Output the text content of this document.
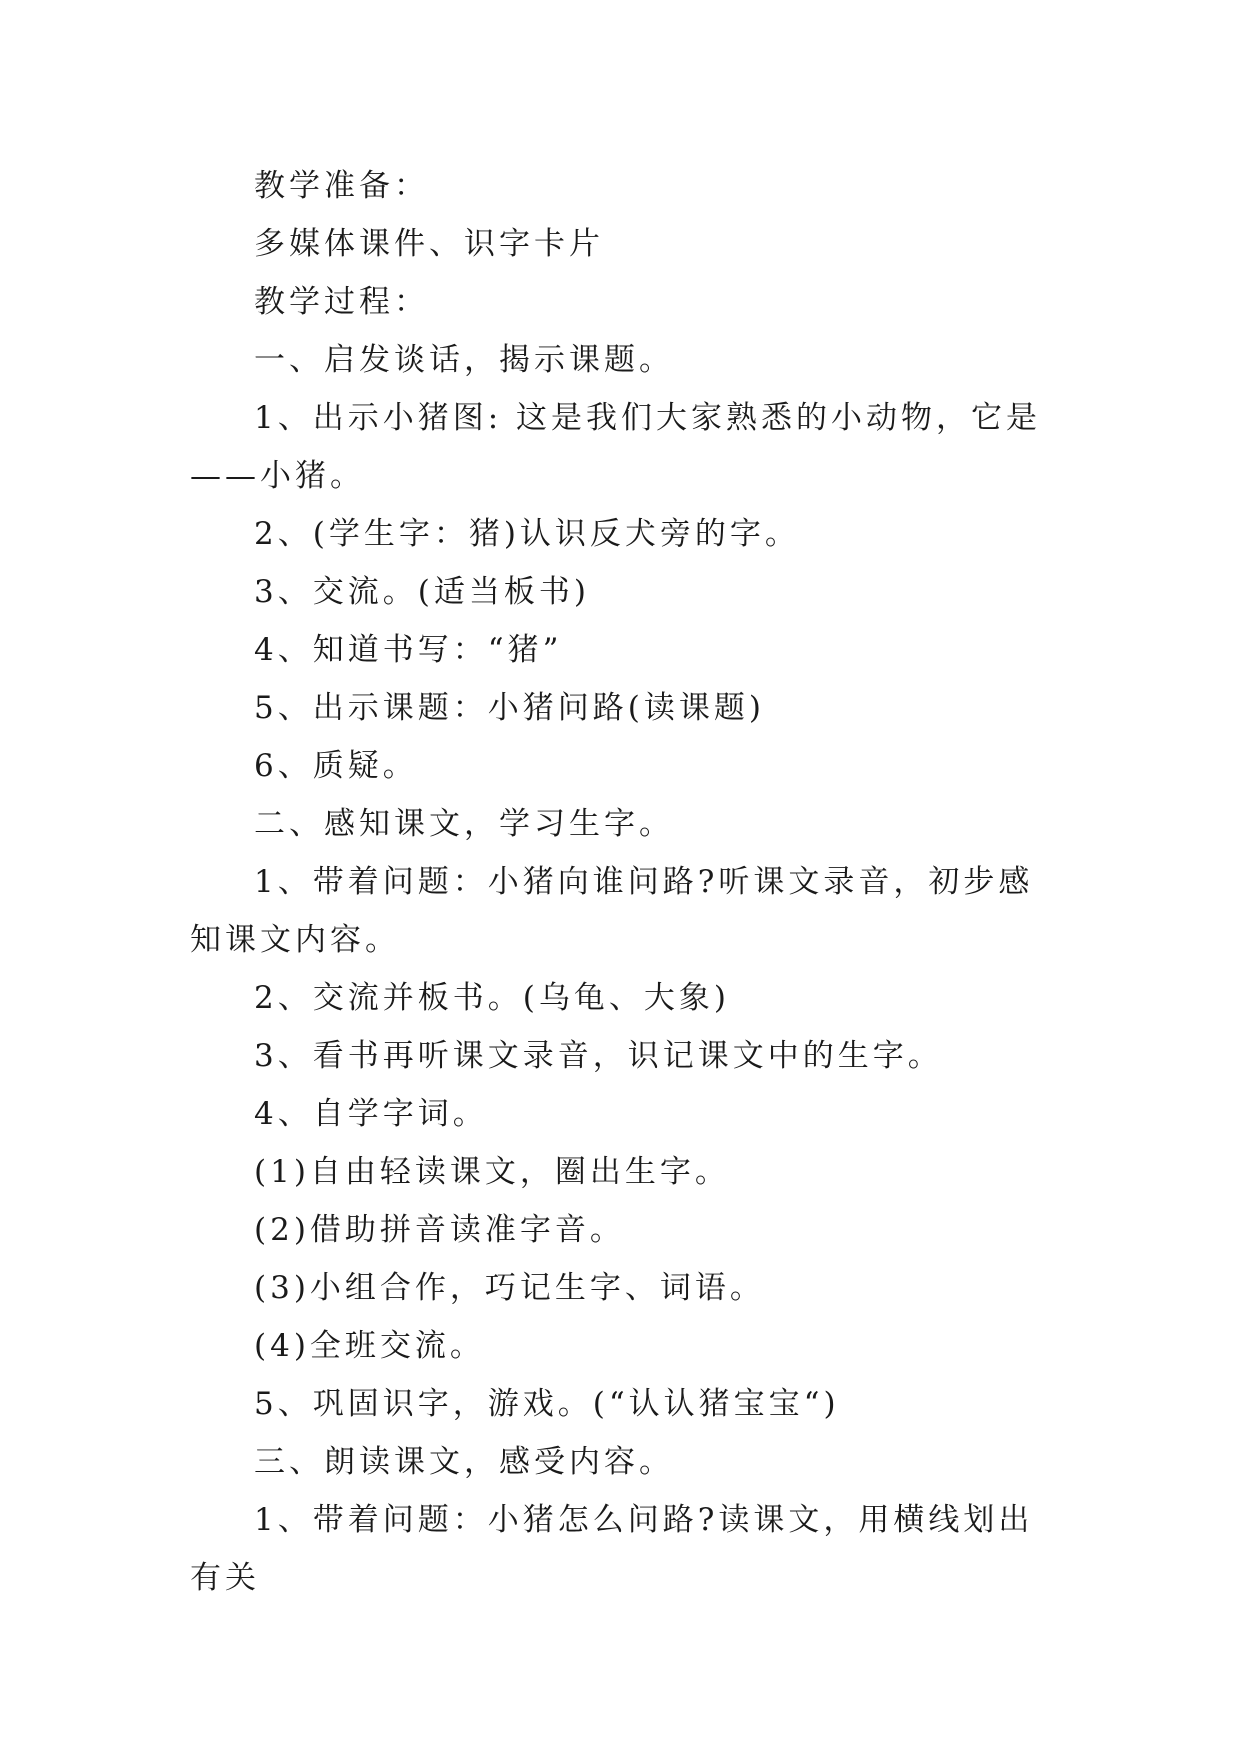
教学准备：

多媒体课件、识字卡片

教学过程：

一、启发谈话，揭示课题。

1、出示小猪图: 这是我们大家熟悉的小动物，它是——小猪。

2、(学生字：猪)认识反犬旁的字。

3、交流。(适当板书)

4、知道书写：“猪”

5、出示课题：小猪问路(读课题)

6、质疑。

二、感知课文，学习生字。

1、带着问题：小猪向谁问路?听课文录音，初步感知课文内容。

2、交流并板书。(乌龟、大象)

3、看书再听课文录音，识记课文中的生字。

4、自学字词。

(1)自由轻读课文，圈出生字。

(2)借助拼音读准字音。

(3)小组合作，巧记生字、词语。

(4)全班交流。

5、巩固识字，游戏。(“认认猪宝宝“)

三、朗读课文，感受内容。

1、带着问题：小猪怎么问路?读课文，用横线划出有关
